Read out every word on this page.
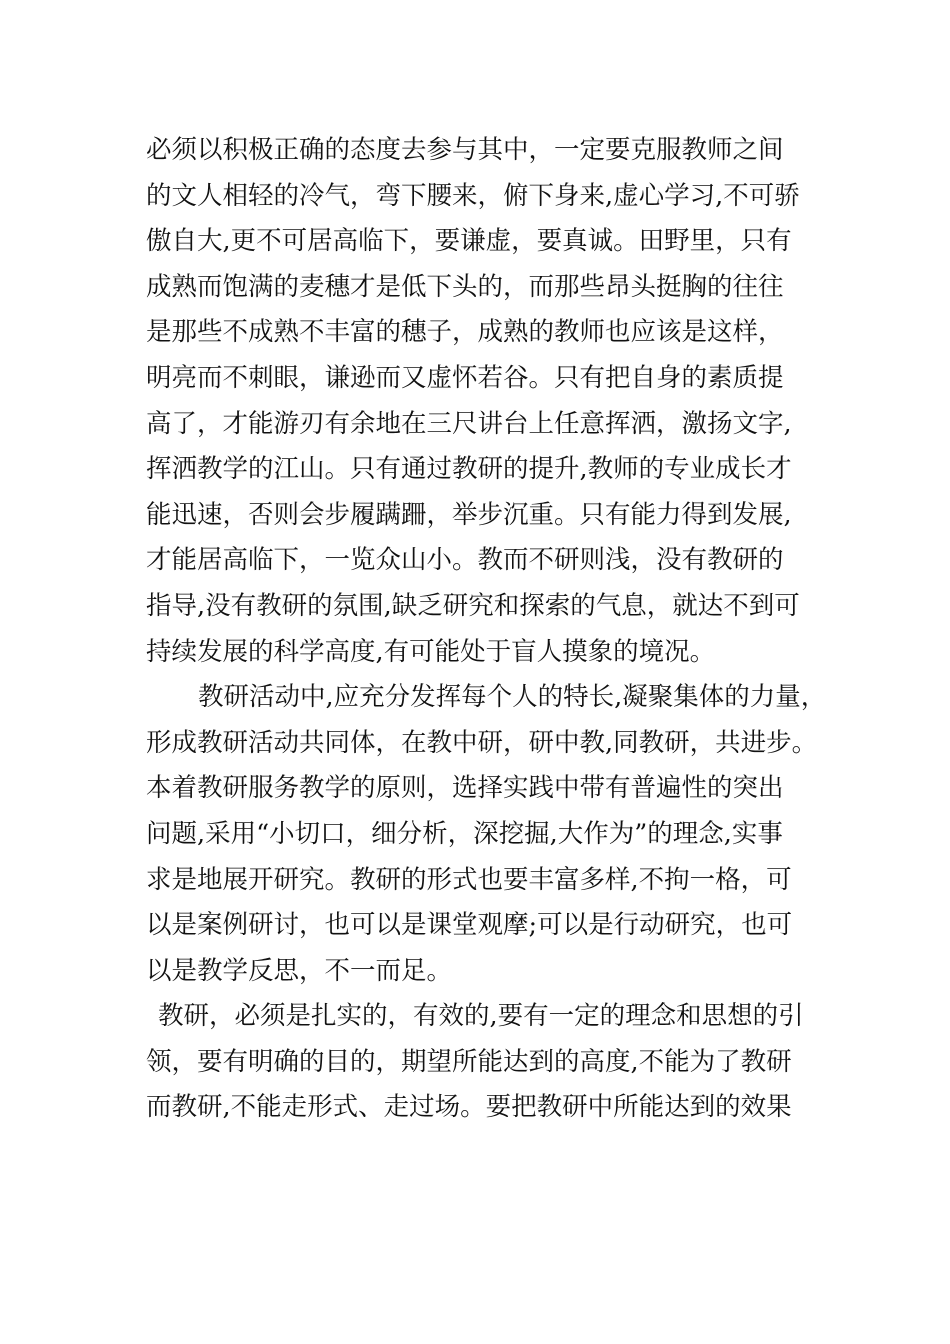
必须以积极正确的态度去参与其中，一定要克服教师之间
的文人相轻的冷气，弯下腰来，俯下身来,虚心学习,不可骄
傲自大,更不可居高临下，要谦虚，要真诚。田野里，只有
成熟而饱满的麦穗才是低下头的，而那些昂头挺胸的往往
是那些不成熟不丰富的穗子，成熟的教师也应该是这样，
明亮而不刺眼，谦逊而又虚怀若谷。只有把自身的素质提
高了，才能游刃有余地在三尺讲台上任意挥洒，激扬文字,
挥洒教学的江山。只有通过教研的提升,教师的专业成长才
能迅速，否则会步履蹒跚，举步沉重。只有能力得到发展,
才能居高临下，一览众山小。教而不研则浅，没有教研的
指导,没有教研的氛围,缺乏研究和探索的气息，就达不到可
持续发展的科学高度,有可能处于盲人摸象的境况。
教研活动中,应充分发挥每个人的特长,凝聚集体的力量，
形成教研活动共同体，在教中研，研中教,同教研，共进步。
本着教研服务教学的原则，选择实践中带有普遍性的突出
问题,采用“小切口，细分析，深挖掘,大作为”的理念,实事
求是地展开研究。教研的形式也要丰富多样,不拘一格，可
以是案例研讨，也可以是课堂观摩;可以是行动研究，也可
以是教学反思，不一而足。
教研，必须是扎实的，有效的,要有一定的理念和思想的引
领，要有明确的目的，期望所能达到的高度,不能为了教研
而教研,不能走形式、走过场。要把教研中所能达到的效果
